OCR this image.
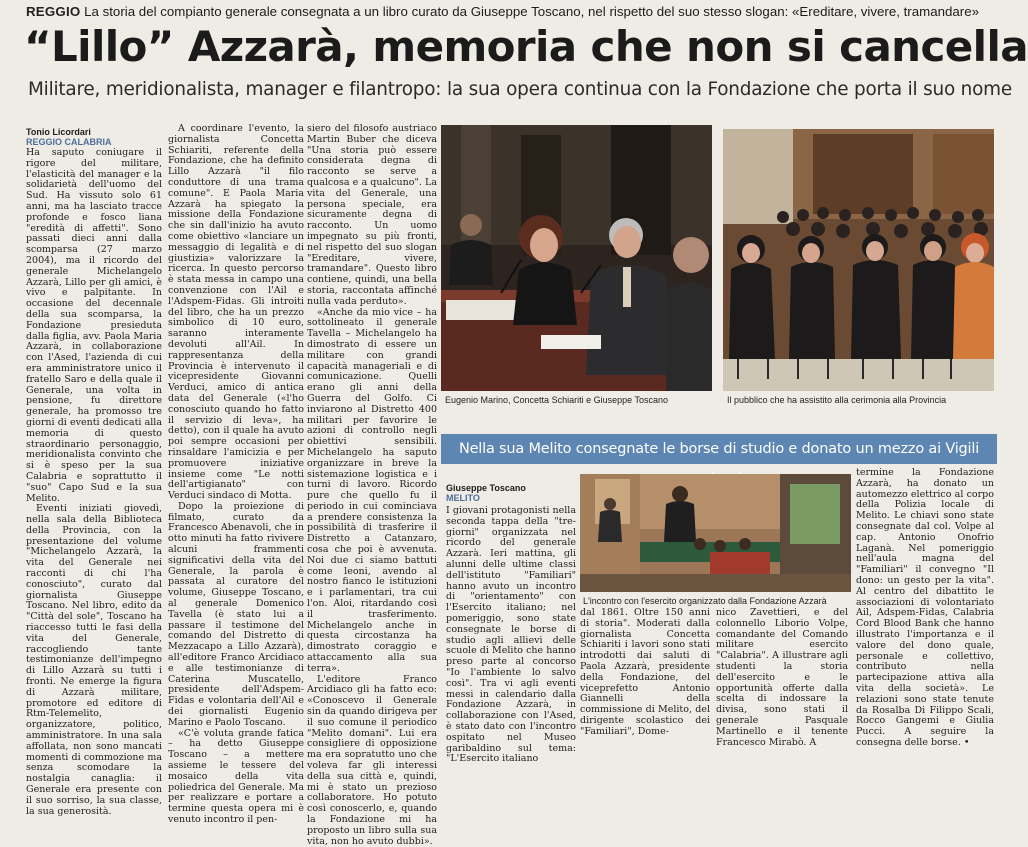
REGGIO La storia del compianto generale consegnata a un libro curato da Giuseppe Toscano, nel rispetto del suo stesso slogan: «Ereditare, vivere, tramandare»
“Lillo” Azzarà, memoria che non si cancella
Militare, meridionalista, manager e filantropo: la sua opera continua con la Fondazione che porta il suo nome
Tonio Licordari
REGGIO CALABRIA

Ha saputo coniugare il rigore del militare, l'elasticità del manager e la solidarietà dell'uomo del Sud. Ha vissuto solo 61 anni, ma ha lasciato tracce profonde e fosco liana "eredità di affetti". Sono passati dieci anni dalla scomparsa (27 marzo 2004), ma il ricordo del generale Michelangelo Azzarà, Lillo per gli amici, è vivo e palpitante. In occasione del decennale della sua scomparsa, la Fondazione presieduta dalla figlia, avv. Paola Maria Azzarà, in collaborazione con l'Ased, l'azienda di cui era amministratore unico il fratello Saro e della quale il Generale, una volta in pensione, fu direttore generale, ha promosso tre giorni di eventi dedicati alla memoria di questo straordinario personaggio, meridionalista convinto che si è speso per la sua Calabria e soprattutto il "suo" Capo Sud e la sua Melito.

Eventi iniziati giovedì, nella sala della Biblioteca della Provincia, con la presentazione del volume "Michelangelo Azzarà, la vita del Generale nei racconti di chi l'ha conosciuto", curato dal giornalista Giuseppe Toscano. Nel libro, edito da "Città del sole", Toscano ha riaccesso tutti le fasi della vita del Generale, raccogliendo tante testimonianze dell'impegno di Lillo Azzarà su tutti i fronti. Ne emerge la figura di Azzarà militare, promotore ed editore di Rtm-Telemelito, organizzatore, politico, amministratore. In una sala affollata, non sono mancati momenti di commozione ma senza scomodare la nostalgia canaglia: il Generale era presente con il suo sorriso, la sua classe, la sua generosità.

A coordinare l'evento, la giornalista Concetta Schiariti, referente della Fondazione, che ha definito Lillo Azzarà "il filo conduttore di una trama comune". E Paola Maria Azzarà ha spiegato la missione della Fondazione che sin dall'inizio ha avuto come obiettivo «lanciare un messaggio di legalità e di giustizia» valorizzare la ricerca. In questo percorso è stata messa in campo una convenzione con l'Ail e l'Adspem-Fidas. Gli introiti del libro, che ha un prezzo simbolico di 10 euro, saranno interamente devoluti all'Ail. In rappresentanza della Provincia è intervenuto il vicepresidente Giovanni Verduci, amico di antica data del Generale («l'ho conosciuto quando ho fatto il servizio di leva», ha detto), con il quale ha avuto poi sempre occasioni per rinsaldare l'amicizia e per promuovere iniziative insieme come "Le notti dell'artigianato" con Verduci sindaco di Motta.

Dopo la proiezione di filmato, curato da Francesco Abenavoli, che in otto minuti ha fatto rivivere alcuni frammenti significativi della vita del Generale, la parola è passata al curatore del volume, Giuseppe Toscano, al generale Domenico Tavella (è stato lui a passare il testimone del comando del Distretto di Mezzacapo a Lillo Azzarà), all'editore Franco Arcidiaco e alle testimonianze di Caterina Muscatello, presidente dell'Adspem-Fidas e volontaria dell'Ail e dei giornalisti Eugenio Marino e Paolo Toscano.

«C'è voluta grande fatica – ha detto Giuseppe Toscano – a mettere assieme le tessere del mosaico della vita poliedrica del Generale. Ma per realizzare e portare a termine questa opera mi è venuto incontro il pen-

siero del filosofo austriaco Martin Buber che diceva "Una storia può essere considerata degna di racconto se serve a qualcosa e a qualcuno". La vita del Generale, una persona speciale, era sicuramente degna di racconto. Un uomo impegnato su più fronti, nel rispetto del suo slogan "Ereditare, vivere, tramandare". Questo libro contiene, quindi, una bella storia, raccontata affinché nulla vada perduto».

«Anche da mio vice – ha sottolineato il generale Tavella – Michelangelo ha dimostrato di essere un militare con grandi capacità manageriali e di comunicazione. Quelli erano gli anni della Guerra del Golfo. Ci inviarono al Distretto 400 militari per favorire le azioni di controllo negli obiettivi sensibili. Michelangelo ha saputo organizzare in breve la sistemazione logistica e i turni di lavoro. Ricordo pure che quello fu il periodo in cui cominciava a prendere consistenza la possibilità di trasferire il Distretto a Catanzaro, cosa che poi è avvenuta. Noi due ci siamo battuti come leoni, avendo al nostro fianco le istituzioni e i parlamentari, tra cui l'on. Aloi, ritardando così il trasferimento. Michelangelo anche in questa circostanza ha dimostrato coraggio e attaccamento alla sua terra».

L'editore Franco Arcidiaco gli ha fatto eco: «Conoscevo il Generale sin da quando dirigeva per il suo comune il periodico "Melito domani". Lui era consigliere di opposizione ma era sopratutto uno che voleva far gli interessi della sua città e, quindi, mi è stato un prezioso collaboratore. Ho potuto così conoscerlo, e, quando la Fondazione mi ha proposto un libro sulla sua vita, non ho avuto dubbi».

Eugenio Marino, Concetta Schiariti e Giuseppe Toscano	Il pubblico che ha assistito alla cerimonia alla Provincia
Nella sua Melito consegnate le borse di studio e donato un mezzo ai Vigili
Giuseppe Toscano
MELITO

I giovani protagonisti nella seconda tappa della "tre-giorni" organizzata nel ricordo del generale Azzarà. Ieri mattina, gli alunni delle ultime classi dell'istituto "Familiari" hanno avuto un incontro di "orientamento" con l'Esercito italiano; nel pomeriggio, sono state consegnate le borse di studio agli allievi delle scuole di Melito che hanno preso parte al concorso "Io l'ambiente lo salvo così". Tra vi agli eventi messi in calendario dalla Fondazione Azzarà, in collaborazione con l'Ased, è stato dato con l'incontro ospitato nel Museo garibaldino sul tema: "L'Esercito italiano

L'incontro con l'esercito organizzato dalla Fondazione Azzarà

dal 1861. Oltre 150 anni di storia". Moderati dalla giornalista Concetta Schiariti i lavori sono stati introdotti dai saluti di Paola Azzarà, presidente della Fondazione, del viceprefetto Antonio Giannelli della commissione di Melito, del dirigente scolastico dei "Familiari", Dome-

nico Zavettieri, e del colonnello Liborio Volpe, comandante del Comando militare esercito "Calabria". A illustrare agli studenti la storia dell'esercito e le opportunità offerte dalla scelta di indossare la divisa, sono stati il generale Pasquale Martinello e il tenente Francesco Mirabò. A

termine la Fondazione Azzarà, ha donato un automezzo elettrico al corpo della Polizia locale di Melito. Le chiavi sono state consegnate dal col. Volpe al cap. Antonio Onofrio Laganà. Nel pomeriggio nell'aula magna del "Familiari" il convegno "Il dono: un gesto per la vita". Al centro del dibattito le associazioni di volontariato Ail, Adspem-Fidas, Calabria Cord Blood Bank che hanno illustrato l'importanza e il valore del dono quale, personale e collettivo, contributo nella partecipazione attiva alla vita della società». Le relazioni sono state tenute da Rosalba Di Filippo Scali, Rocco Gangemi e Giulia Pucci. A seguire la consegna delle borse. •
